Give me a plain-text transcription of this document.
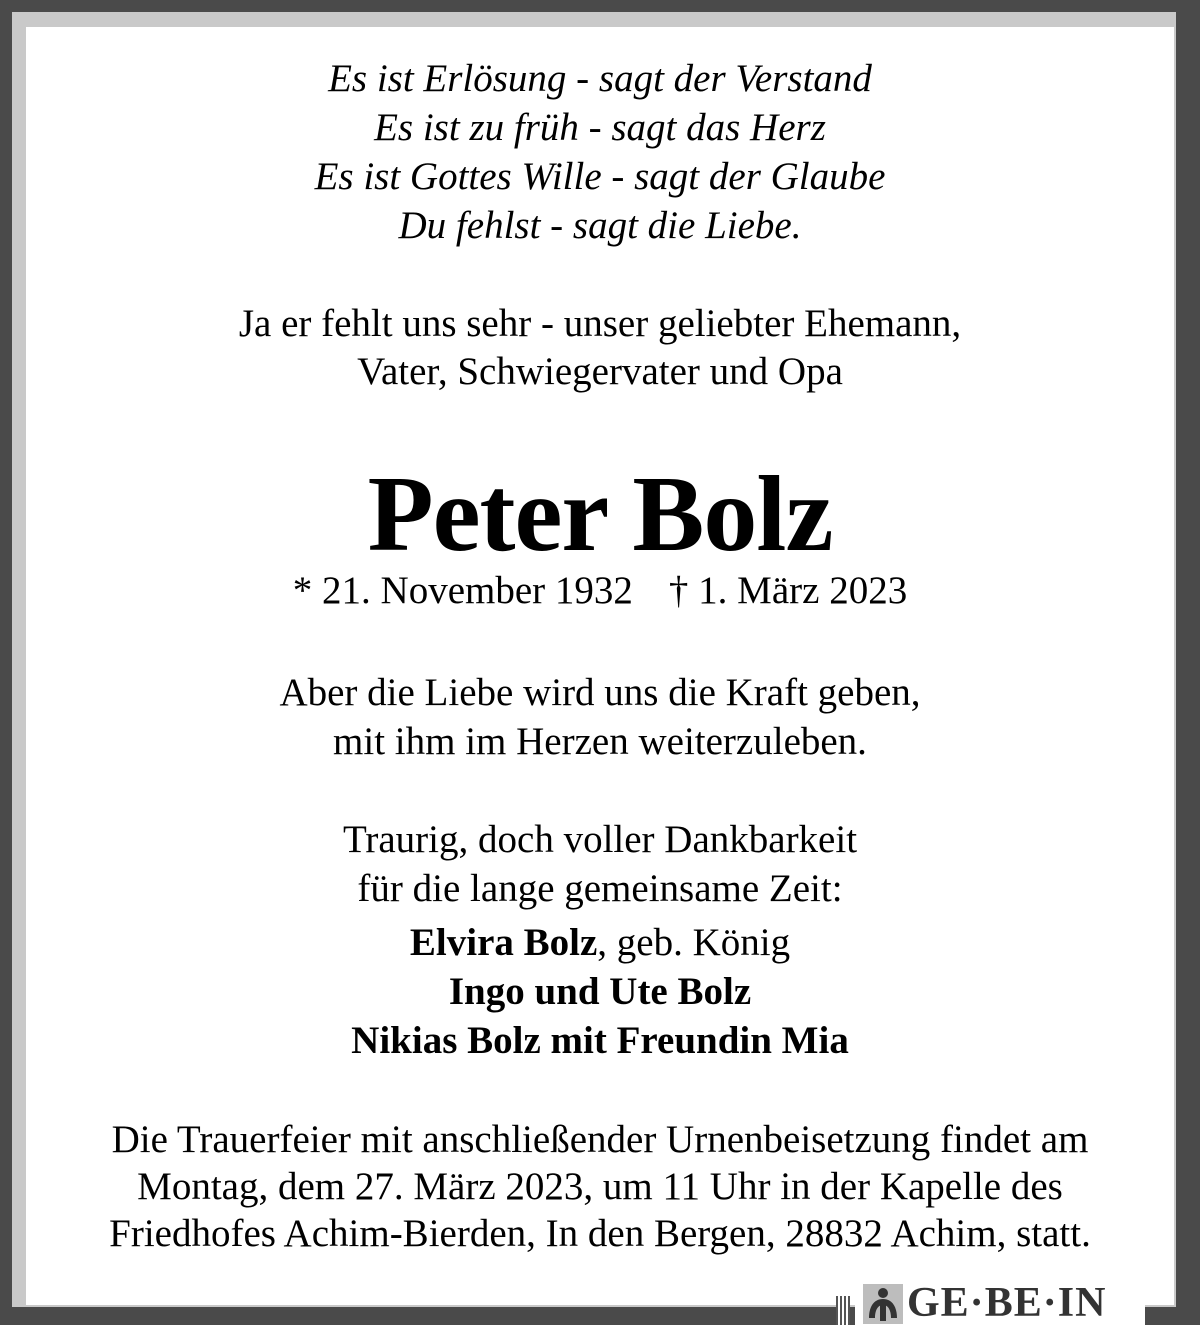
Es ist Erlösung - sagt der Verstand
Es ist zu früh - sagt das Herz
Es ist Gottes Wille - sagt der Glaube
Du fehlst - sagt die Liebe.
Ja er fehlt uns sehr - unser geliebter Ehemann,
Vater, Schwiegervater und Opa
Peter Bolz
* 21. November 1932 † 1. März 2023
Aber die Liebe wird uns die Kraft geben,
mit ihm im Herzen weiterzuleben.
Traurig, doch voller Dankbarkeit
für die lange gemeinsame Zeit:
Elvira Bolz, geb. König
Ingo und Ute Bolz
Nikias Bolz mit Freundin Mia
Die Trauerfeier mit anschließender Urnenbeisetzung findet am
Montag, dem 27. März 2023, um 11 Uhr in der Kapelle des
Friedhofes Achim-Bierden, In den Bergen, 28832 Achim, statt.
GE·BE·IN
